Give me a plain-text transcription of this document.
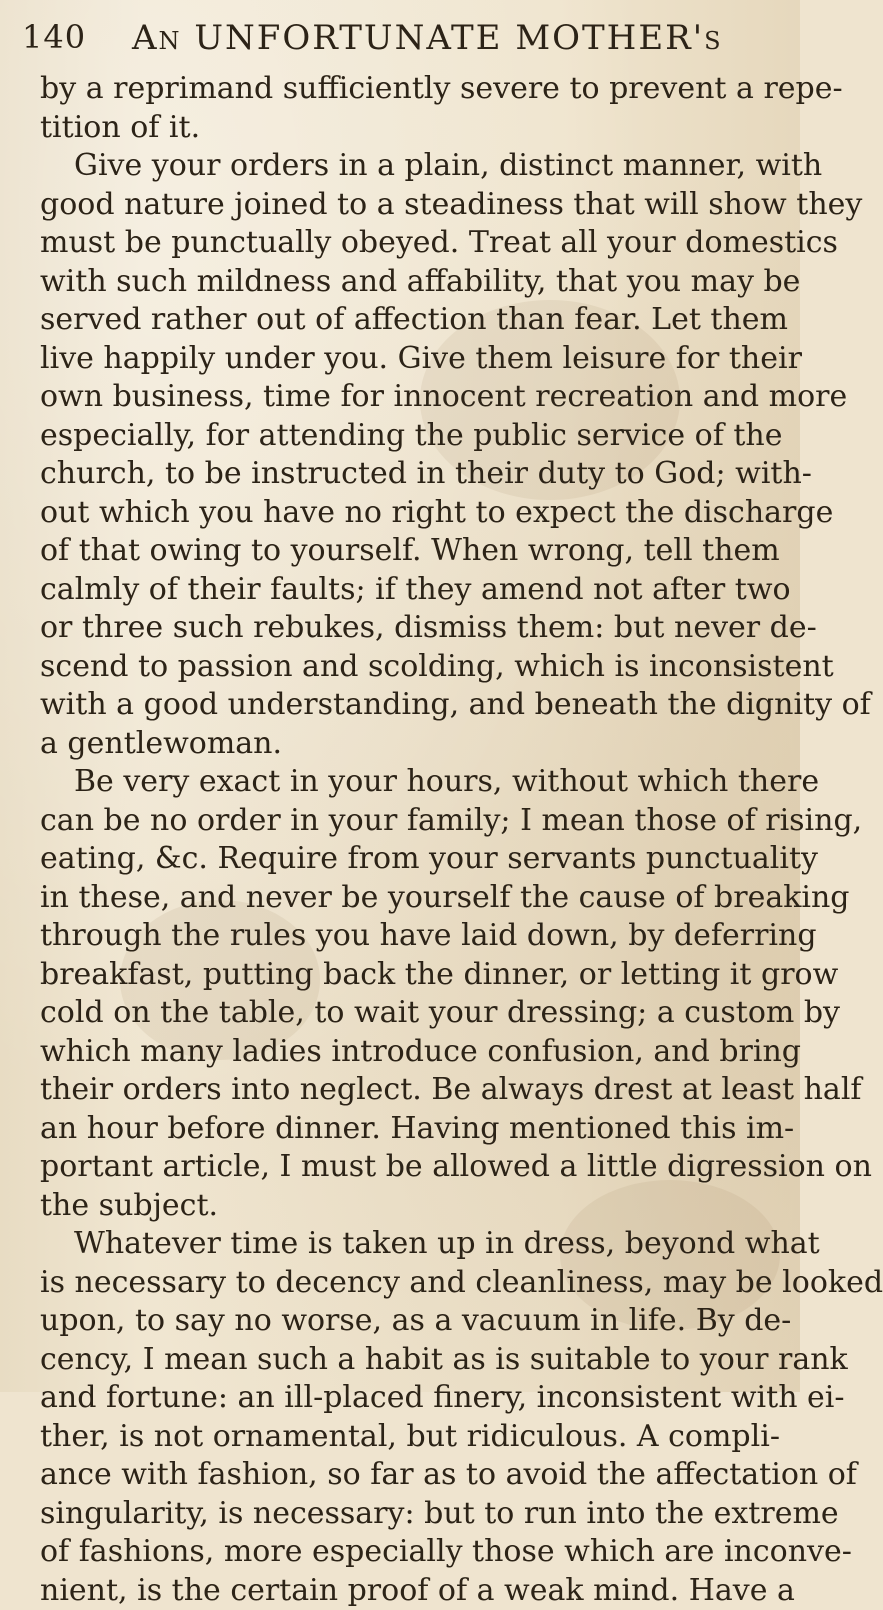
140 An UNFORTUNATE MOTHER's
by a reprimand sufficiently severe to prevent a repe-
tition of it.
Give your orders in a plain, distinct manner, with
good nature joined to a steadiness that will show they
must be punctually obeyed. Treat all your domestics
with such mildness and affability, that you may be
served rather out of affection than fear. Let them
live happily under you. Give them leisure for their
own business, time for innocent recreation and more
especially, for attending the public service of the
church, to be instructed in their duty to God; with-
out which you have no right to expect the discharge
of that owing to yourself. When wrong, tell them
calmly of their faults; if they amend not after two
or three such rebukes, dismiss them: but never de-
scend to passion and scolding, which is inconsistent
with a good understanding, and beneath the dignity of
a gentlewoman.
Be very exact in your hours, without which there
can be no order in your family; I mean those of rising,
eating, &c. Require from your servants punctuality
in these, and never be yourself the cause of breaking
through the rules you have laid down, by deferring
breakfast, putting back the dinner, or letting it grow
cold on the table, to wait your dressing; a custom by
which many ladies introduce confusion, and bring
their orders into neglect. Be always drest at least half
an hour before dinner. Having mentioned this im-
portant article, I must be allowed a little digression on
the subject.
Whatever time is taken up in dress, beyond what
is necessary to decency and cleanliness, may be looked
upon, to say no worse, as a vacuum in life. By de-
cency, I mean such a habit as is suitable to your rank
and fortune: an ill-placed finery, inconsistent with ei-
ther, is not ornamental, but ridiculous. A compli-
ance with fashion, so far as to avoid the affectation of
singularity, is necessary: but to run into the extreme
of fashions, more especially those which are inconve-
nient, is the certain proof of a weak mind. Have a
